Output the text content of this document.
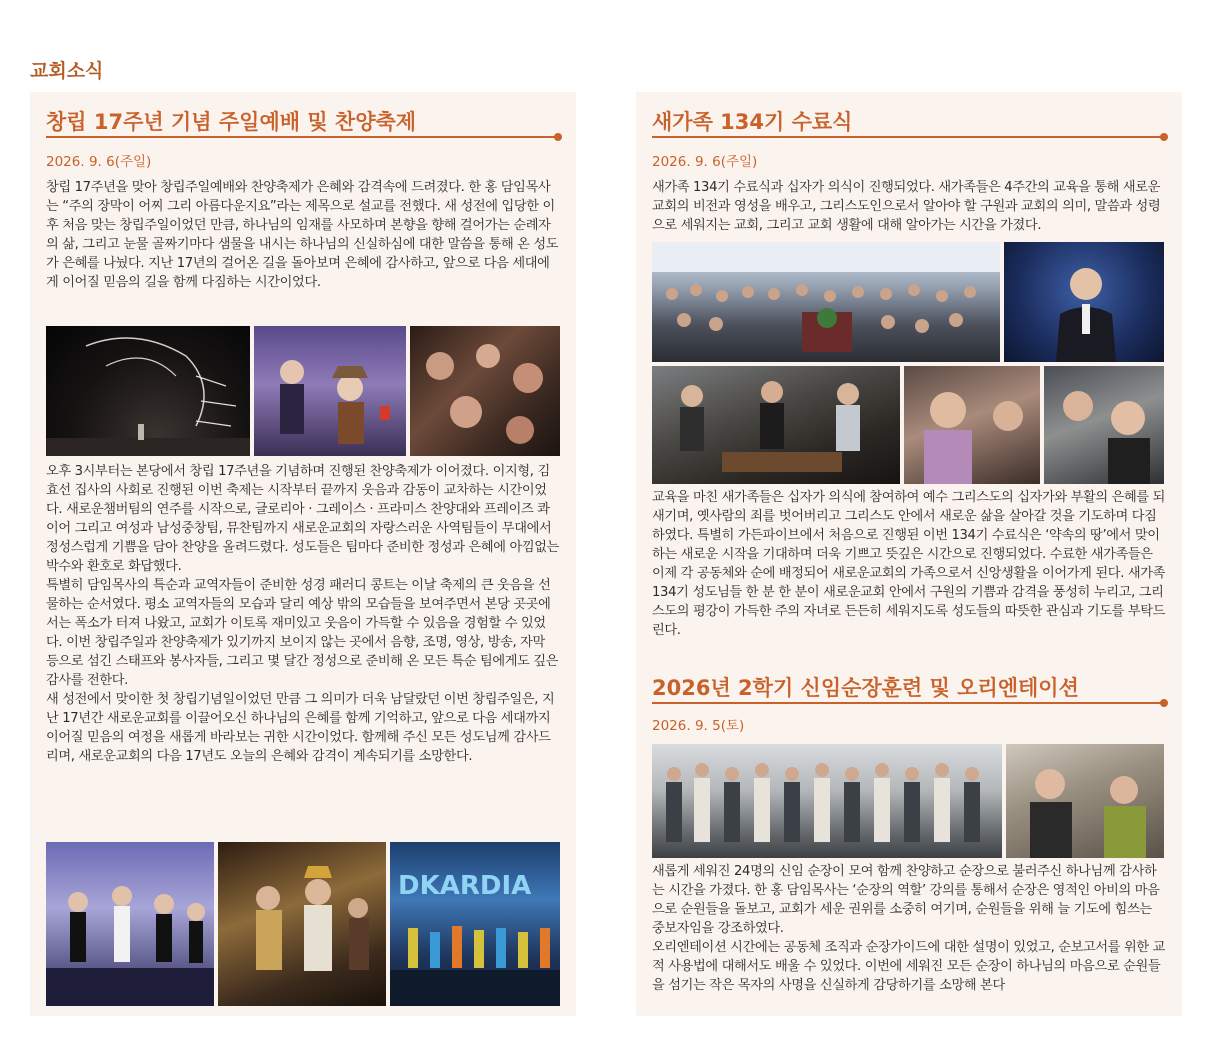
교회소식
창립 17주년 기념 주일예배 및 찬양축제
2026. 9. 6(주일)

창립 17주년을 맞아 창립주일예배와 찬양축제가 은혜와 감격속에 드려졌다. 한 홍 담임목사는 “주의 장막이 어찌 그리 아름다운지요”라는 제목으로 설교를 전했다. 새 성전에 입당한 이후 처음 맞는 창립주일이었던 만큼, 하나님의 임재를 사모하며 본향을 향해 걸어가는 순례자의 삶, 그리고 눈물 골짜기마다 샘물을 내시는 하나님의 신실하심에 대한 말씀을 통해 온 성도가 은혜를 나눴다. 지난 17년의 걸어온 길을 돌아보며 은혜에 감사하고, 앞으로 다음 세대에게 이어질 믿음의 길을 함께 다짐하는 시간이었다.

오후 3시부터는 본당에서 창립 17주년을 기념하며 진행된 찬양축제가 이어졌다. 이지형, 김효선 집사의 사회로 진행된 이번 축제는 시작부터 끝까지 웃음과 감동이 교차하는 시간이었다. 새로운챔버팀의 연주를 시작으로, 글로리아 · 그레이스 · 프라미스 찬양대와 프레이즈 콰이어 그리고 여성과 남성중창팀, 뮤찬팀까지 새로운교회의 자랑스러운 사역팀들이 무대에서 정성스럽게 기쁨을 담아 찬양을 올려드렸다. 성도들은 팀마다 준비한 정성과 은혜에 아낌없는 박수와 환호로 화답했다.

특별히 담임목사의 특순과 교역자들이 준비한 성경 패러디 콩트는 이날 축제의 큰 웃음을 선물하는 순서였다. 평소 교역자들의 모습과 달리 예상 밖의 모습들을 보여주면서 본당 곳곳에서는 폭소가 터져 나왔고, 교회가 이토록 재미있고 웃음이 가득할 수 있음을 경험할 수 있었다. 이번 창립주일과 찬양축제가 있기까지 보이지 않는 곳에서 음향, 조명, 영상, 방송, 자막 등으로 섬긴 스태프와 봉사자들, 그리고 몇 달간 정성으로 준비해 온 모든 특순 팀에게도 깊은 감사를 전한다.

새 성전에서 맞이한 첫 창립기념일이었던 만큼 그 의미가 더욱 남달랐던 이번 창립주일은, 지난 17년간 새로운교회를 이끌어오신 하나님의 은혜를 함께 기억하고, 앞으로 다음 세대까지 이어질 믿음의 여정을 새롭게 바라보는 귀한 시간이었다. 함께해 주신 모든 성도님께 감사드리며, 새로운교회의 다음 17년도 오늘의 은혜와 감격이 계속되기를 소망한다.

DKARDIA
새가족 134기 수료식
2026. 9. 6(주일)

새가족 134기 수료식과 십자가 의식이 진행되었다. 새가족들은 4주간의 교육을 통해 새로운교회의 비전과 영성을 배우고, 그리스도인으로서 알아야 할 구원과 교회의 의미, 말씀과 성령으로 세워지는 교회, 그리고 교회 생활에 대해 알아가는 시간을 가졌다.

교육을 마친 새가족들은 십자가 의식에 참여하여 예수 그리스도의 십자가와 부활의 은혜를 되새기며, 옛사람의 죄를 벗어버리고 그리스도 안에서 새로운 삶을 살아갈 것을 기도하며 다짐하였다. 특별히 가든파이브에서 처음으로 진행된 이번 134기 수료식은 ‘약속의 땅’에서 맞이하는 새로운 시작을 기대하며 더욱 기쁘고 뜻깊은 시간으로 진행되었다. 수료한 새가족들은 이제 각 공동체와 순에 배정되어 새로운교회의 가족으로서 신앙생활을 이어가게 된다. 새가족 134기 성도님들 한 분 한 분이 새로운교회 안에서 구원의 기쁨과 감격을 풍성히 누리고, 그리스도의 평강이 가득한 주의 자녀로 든든히 세워지도록 성도들의 따뜻한 관심과 기도를 부탁드린다.

2026년 2학기 신임순장훈련 및 오리엔테이션
2026. 9. 5(토)

새롭게 세워진 24명의 신임 순장이 모여 함께 찬양하고 순장으로 불러주신 하나님께 감사하는 시간을 가졌다. 한 홍 담임목사는 ‘순장의 역할’ 강의를 통해서 순장은 영적인 아비의 마음으로 순원들을 돌보고, 교회가 세운 권위를 소중히 여기며, 순원들을 위해 늘 기도에 힘쓰는 중보자임을 강조하였다.

오리엔테이션 시간에는 공동체 조직과 순장가이드에 대한 설명이 있었고, 순보고서를 위한 교적 사용법에 대해서도 배울 수 있었다. 이번에 세워진 모든 순장이 하나님의 마음으로 순원들을 섬기는 작은 목자의 사명을 신실하게 감당하기를 소망해 본다
